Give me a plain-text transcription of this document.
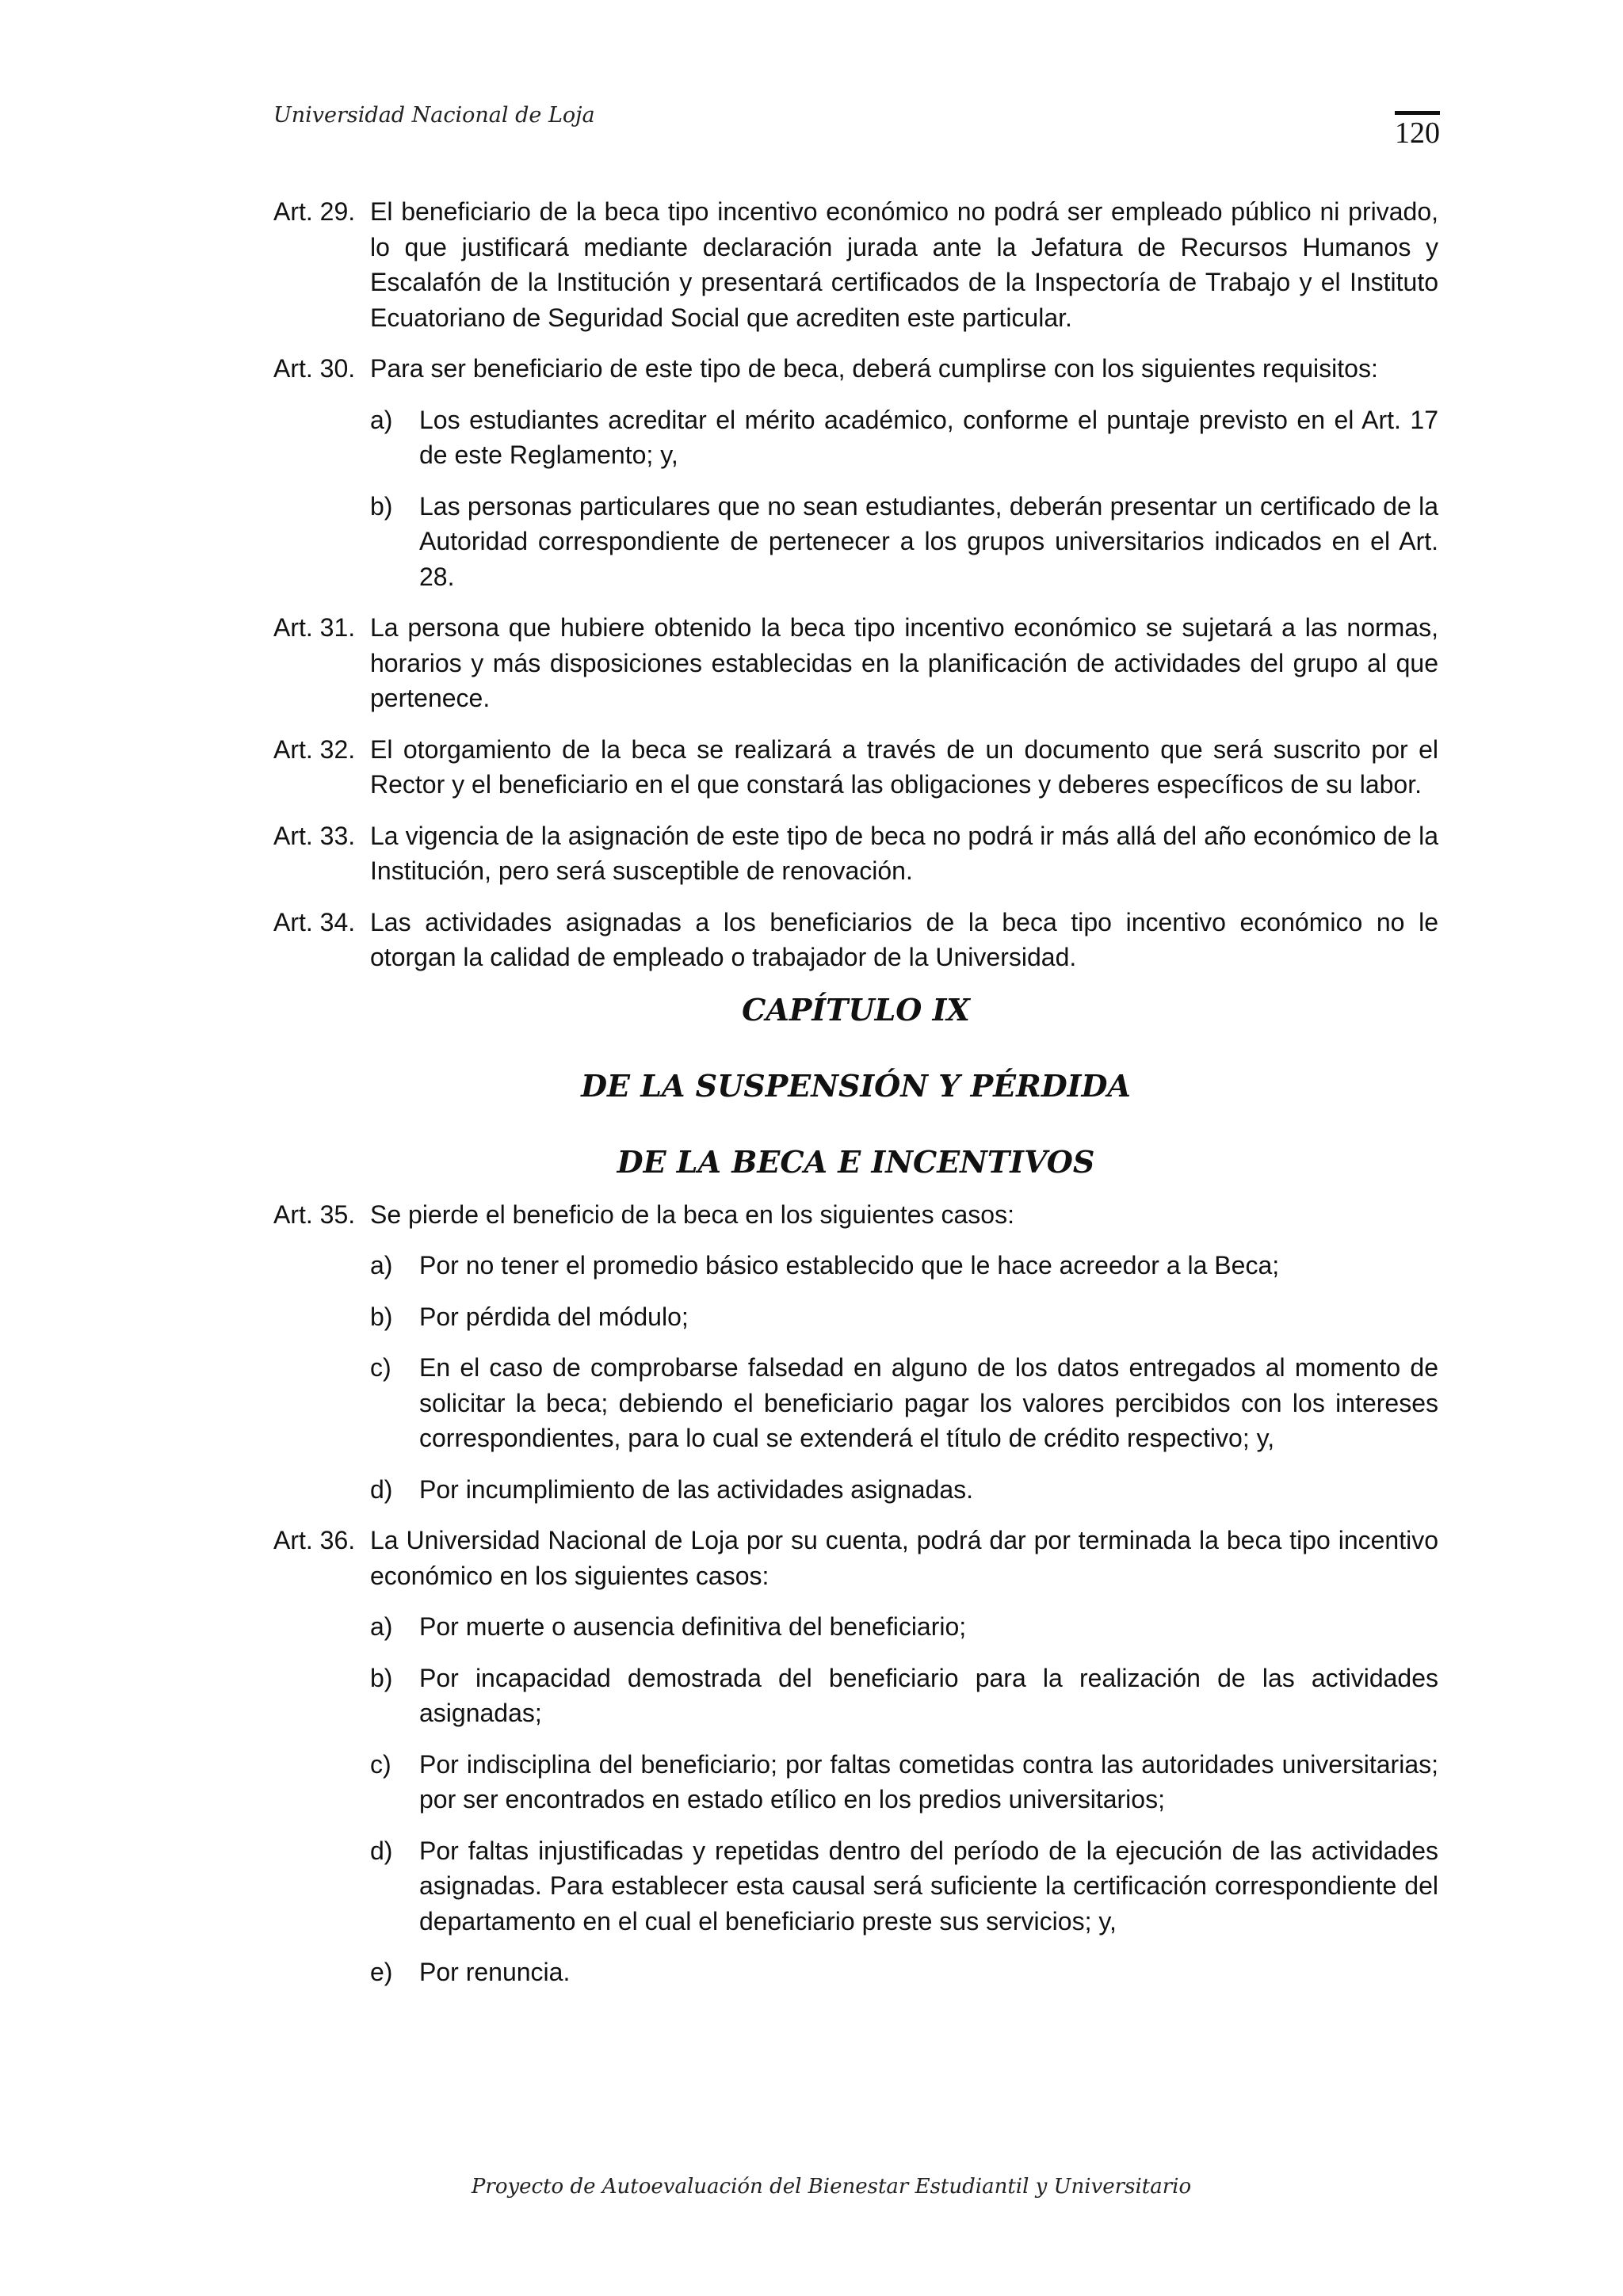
Universidad Nacional de Loja
120
Art. 29. El beneficiario de la beca tipo incentivo económico no podrá ser empleado público ni privado, lo que justificará mediante declaración jurada ante la Jefatura de Recursos Humanos y Escalafón de la Institución y presentará certificados de la Inspectoría de Trabajo y el Instituto Ecuatoriano de Seguridad Social que acrediten este particular.
Art. 30. Para ser beneficiario de este tipo de beca, deberá cumplirse con los siguientes requisitos:
a)	Los estudiantes acreditar el mérito académico, conforme el puntaje previsto en el Art. 17 de este Reglamento; y,
b)	Las personas particulares que no sean estudiantes, deberán presentar un certificado de la Autoridad correspondiente de pertenecer a los grupos universitarios indicados en el Art. 28.
Art. 31. La persona que hubiere obtenido la beca tipo incentivo económico se sujetará a las normas, horarios y más disposiciones establecidas en la planificación de actividades del grupo al que pertenece.
Art. 32. El otorgamiento de la beca se realizará a través de un documento que será suscrito por el Rector y el beneficiario en el que constará las obligaciones y deberes específicos de su labor.
Art. 33. La vigencia de la asignación de este tipo de beca no podrá ir más allá del año económico de la Institución, pero será susceptible de renovación.
Art. 34. Las actividades asignadas a los beneficiarios de la beca tipo incentivo económico no le otorgan la calidad de empleado o trabajador de la Universidad.
CAPÍTULO IX
DE LA SUSPENSIÓN Y PÉRDIDA
DE LA BECA E INCENTIVOS
Art. 35. Se pierde el beneficio de la beca en los siguientes casos:
a)	Por no tener el promedio básico establecido que le hace acreedor a la Beca;
b)	Por pérdida del módulo;
c)	En el caso de comprobarse falsedad en alguno de los datos entregados al momento de solicitar la beca; debiendo el beneficiario pagar los valores percibidos con los intereses correspondientes, para lo cual se extenderá el título de crédito respectivo; y,
d)	Por incumplimiento de las actividades asignadas.
Art. 36. La Universidad Nacional de Loja por su cuenta, podrá dar por terminada la beca tipo incentivo económico en los siguientes casos:
a)	Por muerte o ausencia definitiva del beneficiario;
b)	Por incapacidad demostrada del beneficiario para la realización de las actividades asignadas;
c)	Por indisciplina del beneficiario; por faltas cometidas contra las autoridades universitarias; por ser encontrados en estado etílico en los predios universitarios;
d)	Por faltas injustificadas y repetidas dentro del período de la ejecución de las actividades asignadas. Para establecer esta causal será suficiente la certificación correspondiente del departamento en el cual el beneficiario preste sus servicios; y,
e)	Por renuncia.
Proyecto de Autoevaluación del Bienestar Estudiantil y Universitario
